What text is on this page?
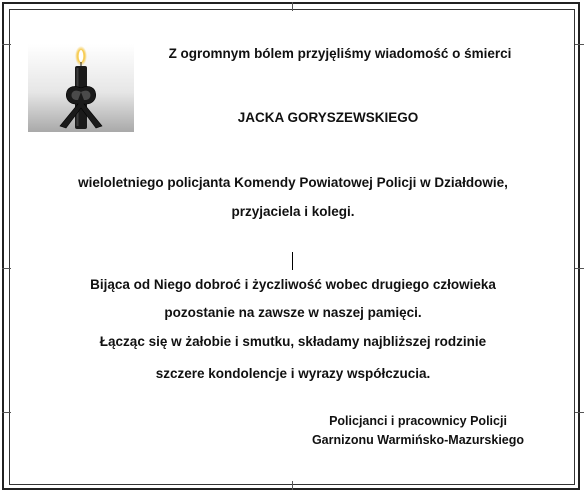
Z ogromnym bólem przyjęliśmy wiadomość o śmierci
JACKA GORYSZEWSKIEGO
wieloletniego policjanta Komendy Powiatowej Policji w Działdowie,
przyjaciela i kolegi.
Bijąca od Niego dobroć i życzliwość wobec drugiego człowieka
pozostanie na zawsze w naszej pamięci.
Łącząc się w żałobie i smutku, składamy najbliższej rodzinie
szczere kondolencje i wyrazy współczucia.
Policjanci i pracownicy Policji
Garnizonu Warmińsko-Mazurskiego
